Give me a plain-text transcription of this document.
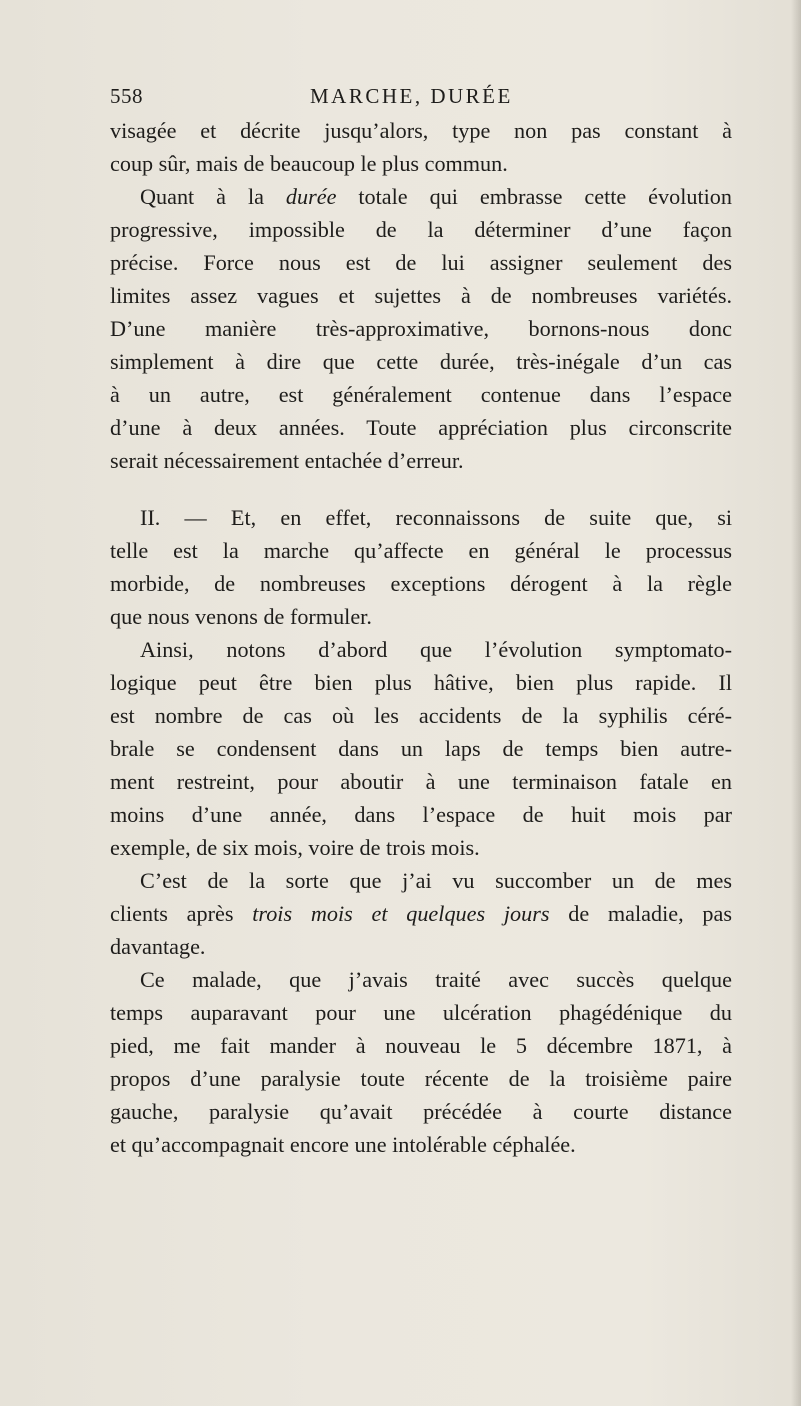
558	MARCHE, DURÉE

visagée et décrite jusqu’alors, type non pas constant à
coup sûr, mais de beaucoup le plus commun.

Quant à la durée totale qui embrasse cette évolution
progressive, impossible de la déterminer d’une façon
précise. Force nous est de lui assigner seulement des
limites assez vagues et sujettes à de nombreuses variétés.
D’une manière très-approximative, bornons-nous donc
simplement à dire que cette durée, très-inégale d’un cas
à un autre, est généralement contenue dans l’espace
d’une à deux années. Toute appréciation plus circonscrite
serait nécessairement entachée d’erreur.

II. — Et, en effet, reconnaissons de suite que, si
telle est la marche qu’affecte en général le processus
morbide, de nombreuses exceptions dérogent à la règle
que nous venons de formuler.

Ainsi, notons d’abord que l’évolution symptomato-
logique peut être bien plus hâtive, bien plus rapide. Il
est nombre de cas où les accidents de la syphilis céré-
brale se condensent dans un laps de temps bien autre-
ment restreint, pour aboutir à une terminaison fatale en
moins d’une année, dans l’espace de huit mois par
exemple, de six mois, voire de trois mois.

C’est de la sorte que j’ai vu succomber un de mes
clients après trois mois et quelques jours de maladie, pas
davantage.

Ce malade, que j’avais traité avec succès quelque
temps auparavant pour une ulcération phagédénique du
pied, me fait mander à nouveau le 5 décembre 1871, à
propos d’une paralysie toute récente de la troisième paire
gauche, paralysie qu’avait précédée à courte distance
et qu’accompagnait encore une intolérable céphalée.
